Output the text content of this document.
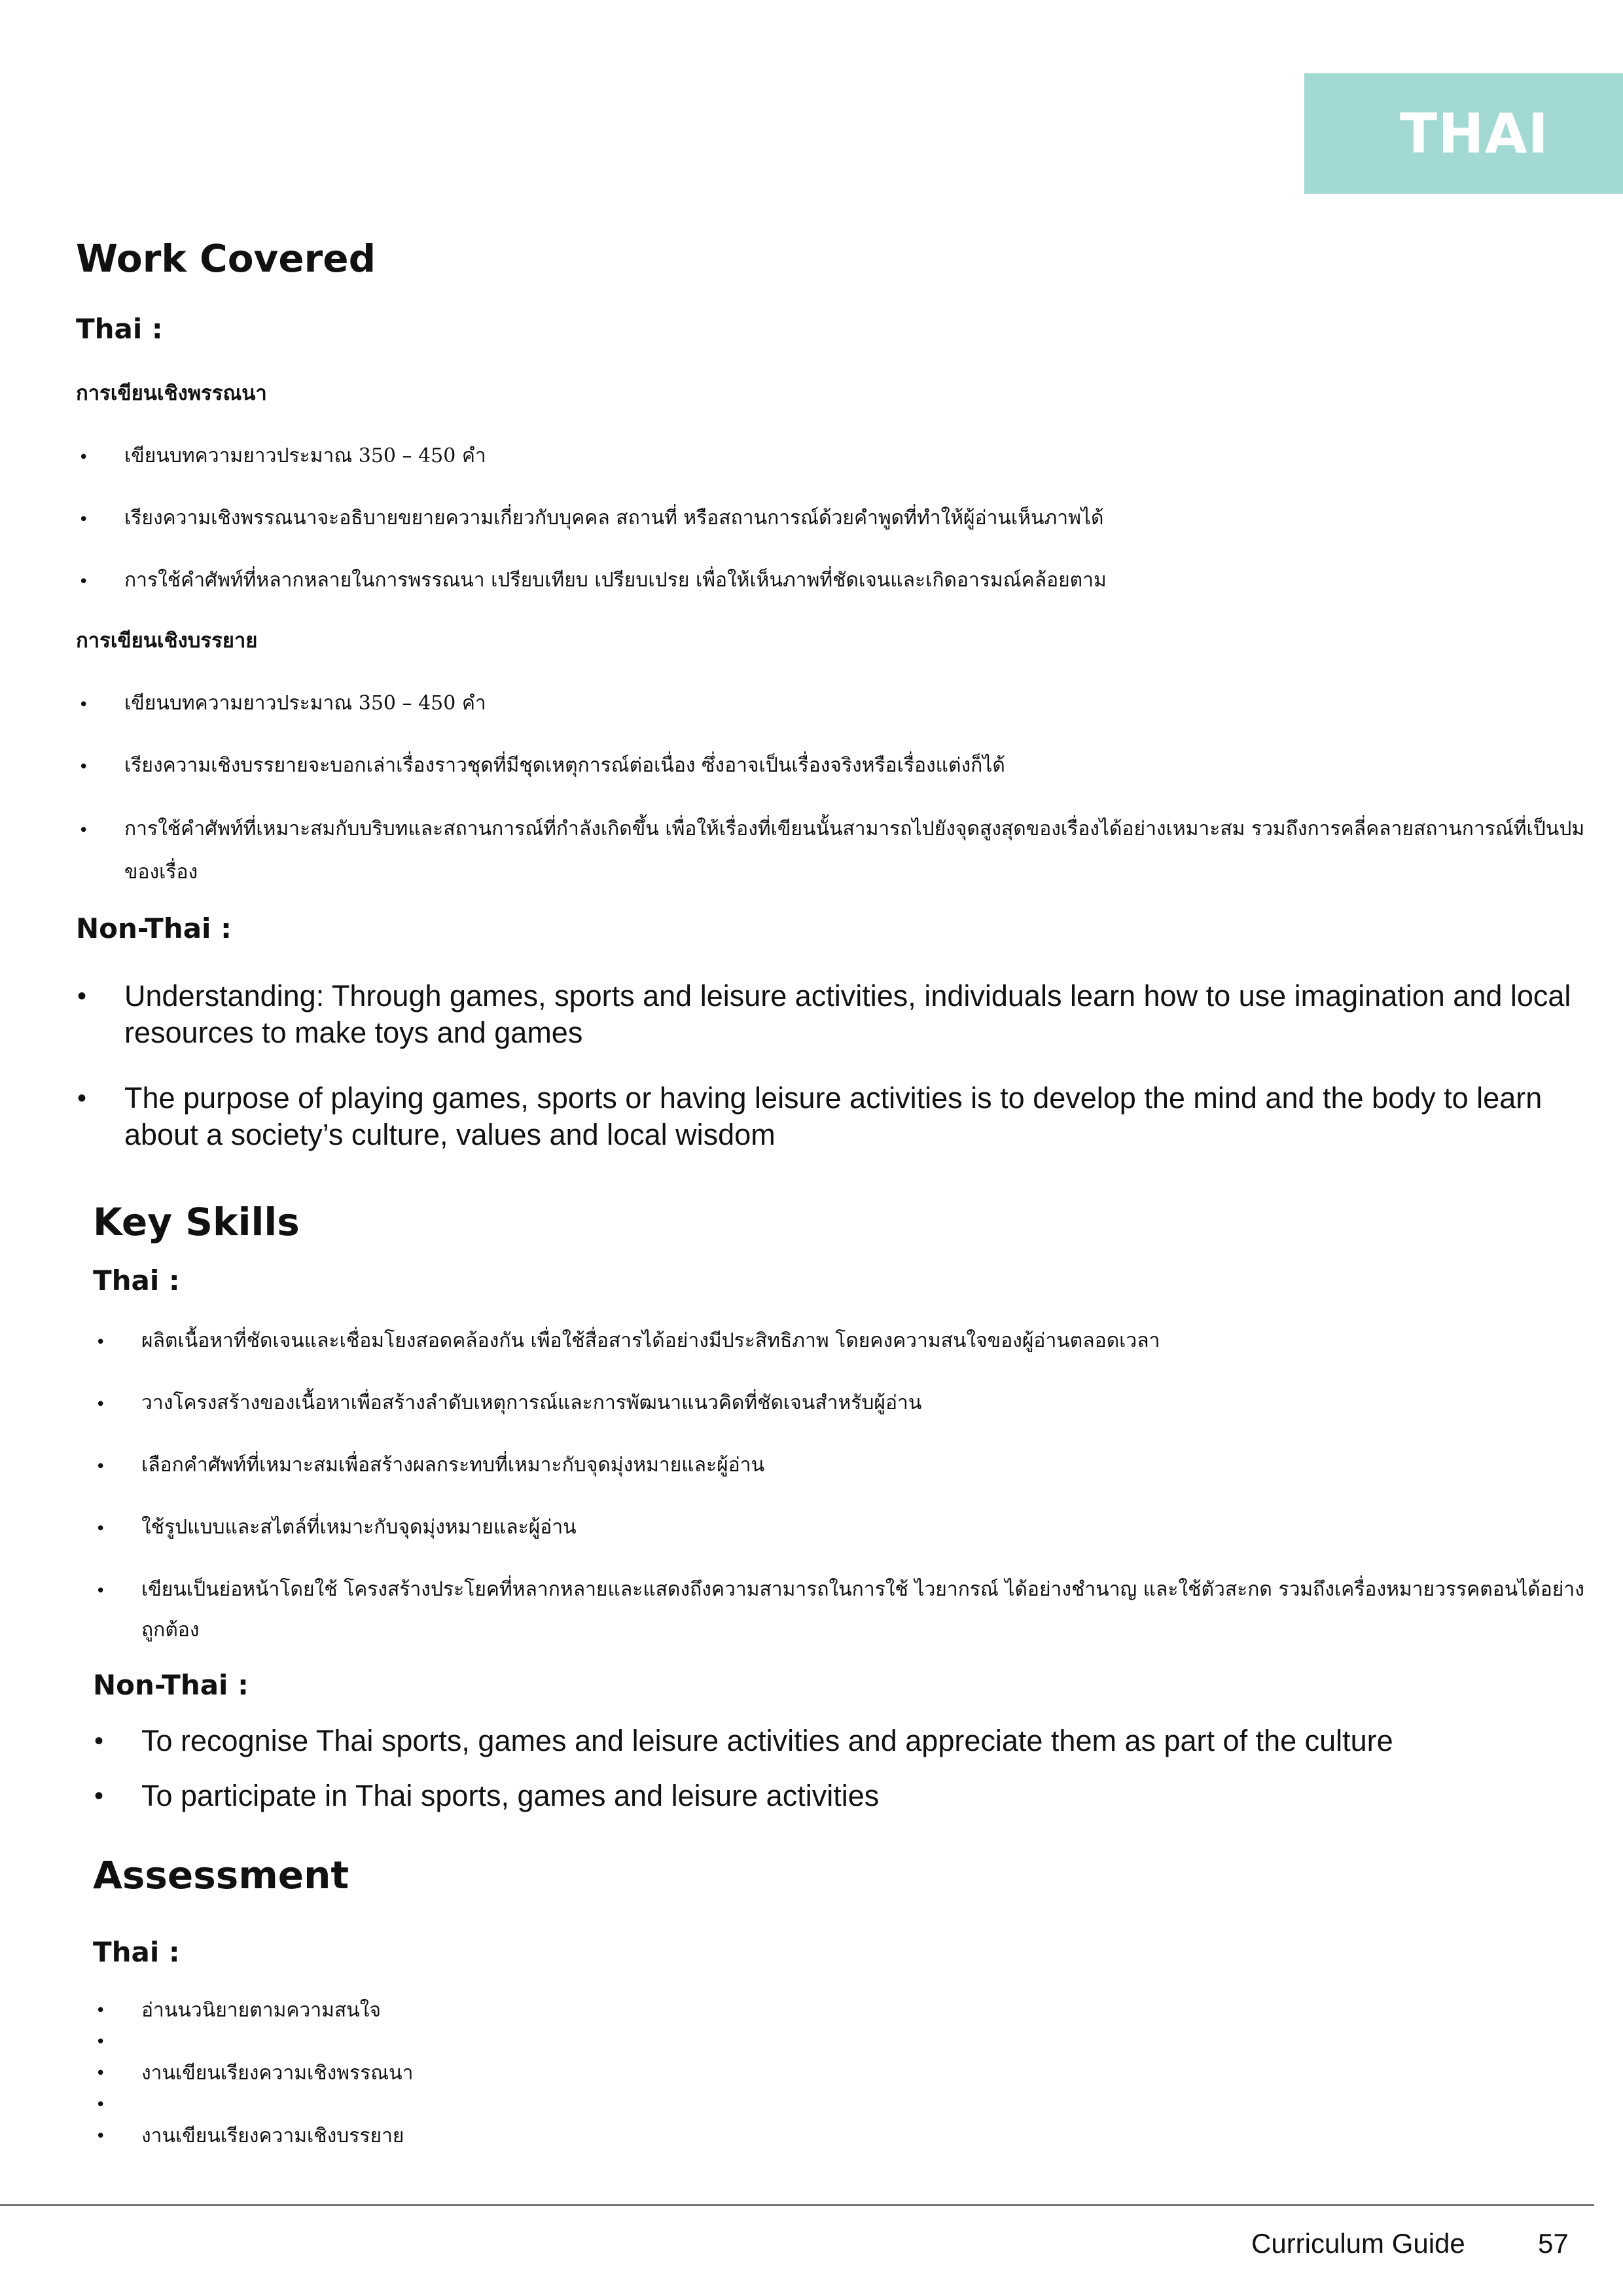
THAI
Work Covered
Thai :
การเขียนเชิงพรรณนา
• เขียนบทความยาวประมาณ 350 – 450 คำ
• เรียงความเชิงพรรณนาจะอธิบายขยายความเกี่ยวกับบุคคล สถานที่ หรือสถานการณ์ด้วยคำพูดที่ทำให้ผู้อ่านเห็นภาพได้
• การใช้คำศัพท์ที่หลากหลายในการพรรณนา เปรียบเทียบ เปรียบเปรย เพื่อให้เห็นภาพที่ชัดเจนและเกิดอารมณ์คล้อยตาม
การเขียนเชิงบรรยาย
• เขียนบทความยาวประมาณ 350 – 450 คำ
• เรียงความเชิงบรรยายจะบอกเล่าเรื่องราวชุดที่มีชุดเหตุการณ์ต่อเนื่อง ซึ่งอาจเป็นเรื่องจริงหรือเรื่องแต่งก็ได้
• การใช้คำศัพท์ที่เหมาะสมกับบริบทและสถานการณ์ที่กำลังเกิดขึ้น เพื่อให้เรื่องที่เขียนนั้นสามารถไปยังจุดสูงสุดของเรื่องได้อย่างเหมาะสม รวมถึงการคลี่คลายสถานการณ์ที่เป็นปมของเรื่อง
Non-Thai :
• Understanding: Through games, sports and leisure activities, individuals learn how to use imagination and local resources to make toys and games
• The purpose of playing games, sports or having leisure activities is to develop the mind and the body to learn about a society’s culture, values and local wisdom
Key Skills
Thai :
• ผลิตเนื้อหาที่ชัดเจนและเชื่อมโยงสอดคล้องกัน เพื่อใช้สื่อสารได้อย่างมีประสิทธิภาพ โดยคงความสนใจของผู้อ่านตลอดเวลา
• วางโครงสร้างของเนื้อหาเพื่อสร้างลำดับเหตุการณ์และการพัฒนาแนวคิดที่ชัดเจนสำหรับผู้อ่าน
• เลือกคำศัพท์ที่เหมาะสมเพื่อสร้างผลกระทบที่เหมาะกับจุดมุ่งหมายและผู้อ่าน
• ใช้รูปแบบและสไตล์ที่เหมาะกับจุดมุ่งหมายและผู้อ่าน
• เขียนเป็นย่อหน้าโดยใช้ โครงสร้างประโยคที่หลากหลายและแสดงถึงความสามารถในการใช้ ไวยากรณ์ ได้อย่างชำนาญ และใช้ตัวสะกด รวมถึงเครื่องหมายวรรคตอนได้อย่างถูกต้อง
Non-Thai :
• To recognise Thai sports, games and leisure activities and appreciate them as part of the culture
• To participate in Thai sports, games and leisure activities
Assessment
Thai :
• อ่านนวนิยายตามความสนใจ
•
• งานเขียนเรียงความเชิงพรรณนา
•
• งานเขียนเรียงความเชิงบรรยาย
Curriculum Guide	57
